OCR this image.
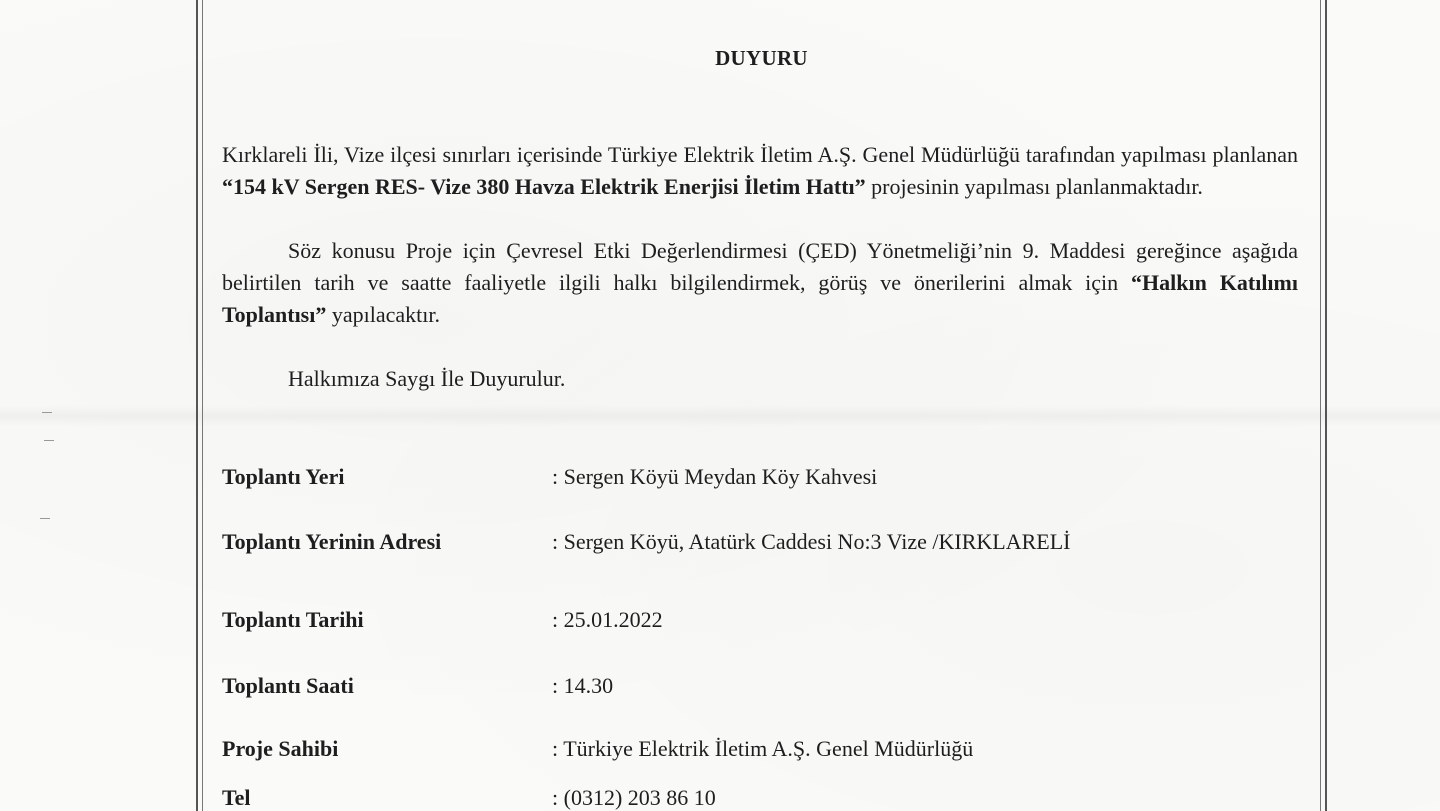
DUYURU
Kırklareli İli, Vize ilçesi sınırları içerisinde Türkiye Elektrik İletim A.Ş. Genel Müdürlüğü tarafından yapılması planlanan “154 kV Sergen RES- Vize 380 Havza Elektrik Enerjisi İletim Hattı” projesinin yapılması planlanmaktadır.
Söz konusu Proje için Çevresel Etki Değerlendirmesi (ÇED) Yönetmeliği’nin 9. Maddesi gereğince aşağıda belirtilen tarih ve saatte faaliyetle ilgili halkı bilgilendirmek, görüş ve önerilerini almak için “Halkın Katılımı Toplantısı” yapılacaktır.
Halkımıza Saygı İle Duyurulur.
Toplantı Yeri	: Sergen Köyü Meydan Köy Kahvesi
Toplantı Yerinin Adresi	: Sergen Köyü, Atatürk Caddesi No:3 Vize /KIRKLARELİ
Toplantı Tarihi	: 25.01.2022
Toplantı Saati	: 14.30
Proje Sahibi	: Türkiye Elektrik İletim A.Ş. Genel Müdürlüğü
Tel	: (0312) 203 86 10
